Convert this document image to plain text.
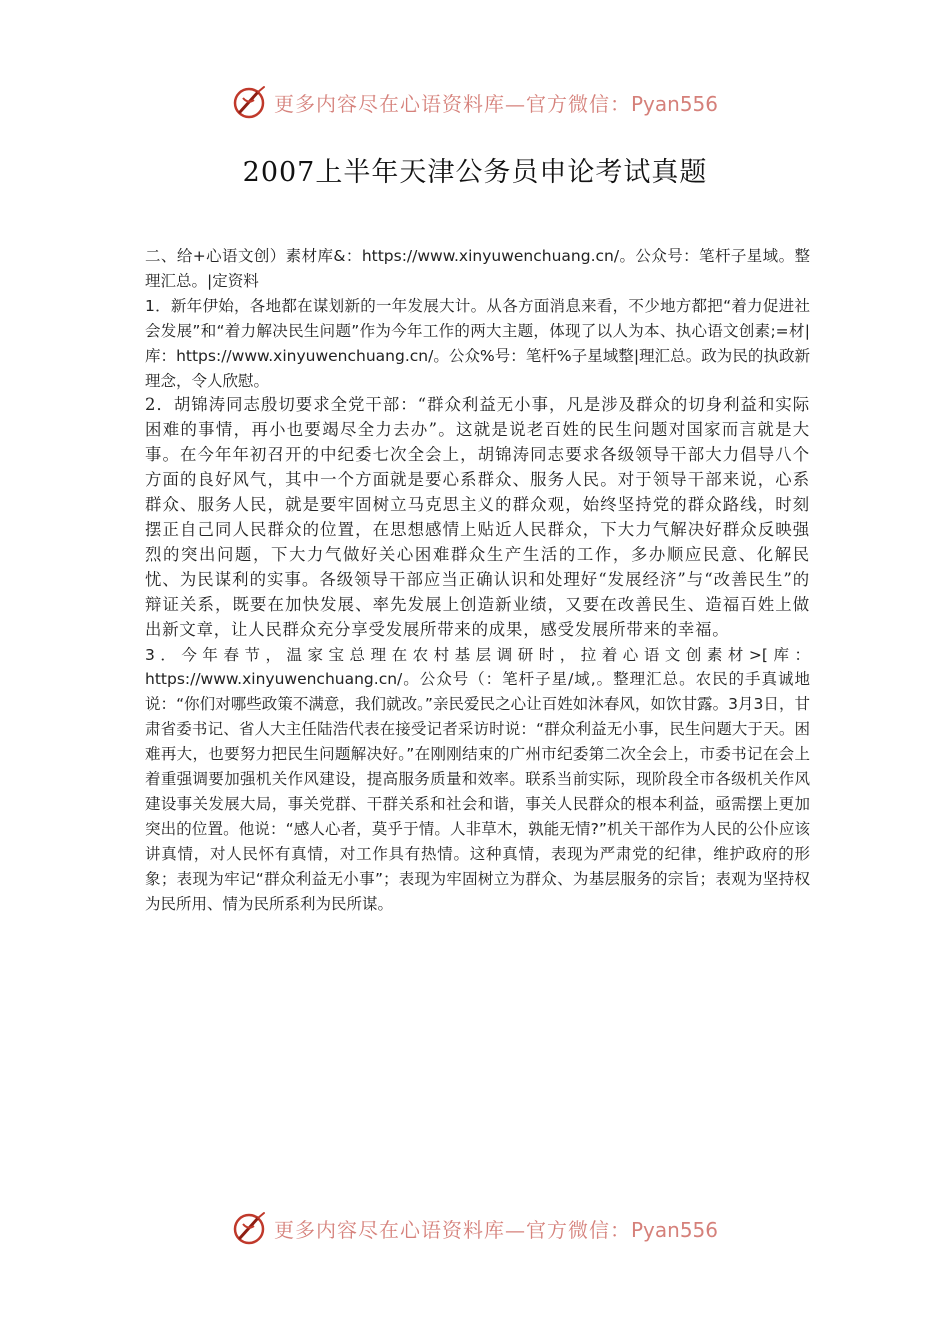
更多内容尽在心语资料库—官方微信：Pyan556
2007上半年天津公务员申论考试真题

二、给+心语文创）素材库&：https://www.xinyuwenchuang.cn/。公众号：笔杆子星域。整理汇总。|定资料

1．新年伊始，各地都在谋划新的一年发展大计。从各方面消息来看，不少地方都把“着力促进社会发展”和“着力解决民生问题”作为今年工作的两大主题，体现了以人为本、执心语文创素;=材|库：https://www.xinyuwenchuang.cn/。公众%号：笔杆%子星域整|理汇总。政为民的执政新理念，令人欣慰。

2．胡锦涛同志殷切要求全党干部：“群众利益无小事，凡是涉及群众的切身利益和实际困难的事情，再小也要竭尽全力去办”。这就是说老百姓的民生问题对国家而言就是大事。在今年年初召开的中纪委七次全会上，胡锦涛同志要求各级领导干部大力倡导八个方面的良好风气，其中一个方面就是要心系群众、服务人民。对于领导干部来说，心系群众、服务人民，就是要牢固树立马克思主义的群众观，始终坚持党的群众路线，时刻摆正自己同人民群众的位置，在思想感情上贴近人民群众，下大力气解决好群众反映强烈的突出问题，下大力气做好关心困难群众生产生活的工作，多办顺应民意、化解民忧、为民谋利的实事。各级领导干部应当正确认识和处理好“发展经济”与“改善民生”的辩证关系，既要在加快发展、率先发展上创造新业绩，又要在改善民生、造福百姓上做出新文章，让人民群众充分享受发展所带来的成果，感受发展所带来的幸福。

3．今年春节，温家宝总理在农村基层调研时，拉着心语文创素材>[库：https://www.xinyuwenchuang.cn/。公众号（：笔杆子星/域,。整理汇总。农民的手真诚地说：“你们对哪些政策不满意，我们就改。”亲民爱民之心让百姓如沐春风，如饮甘露。3月3日，甘肃省委书记、省人大主任陆浩代表在接受记者采访时说：“群众利益无小事，民生问题大于天。困难再大，也要努力把民生问题解决好。”在刚刚结束的广州市纪委第二次全会上，市委书记在会上着重强调要加强机关作风建设，提高服务质量和效率。联系当前实际，现阶段全市各级机关作风建设事关发展大局，事关党群、干群关系和社会和谐，事关人民群众的根本利益，亟需摆上更加突出的位置。他说：“感人心者，莫乎于情。人非草木，孰能无情?”机关干部作为人民的公仆应该讲真情，对人民怀有真情，对工作具有热情。这种真情，表现为严肃党的纪律，维护政府的形象；表现为牢记“群众利益无小事”；表现为牢固树立为群众、为基层服务的宗旨；表观为坚持权为民所用、情为民所系利为民所谋。

更多内容尽在心语资料库—官方微信：Pyan556
